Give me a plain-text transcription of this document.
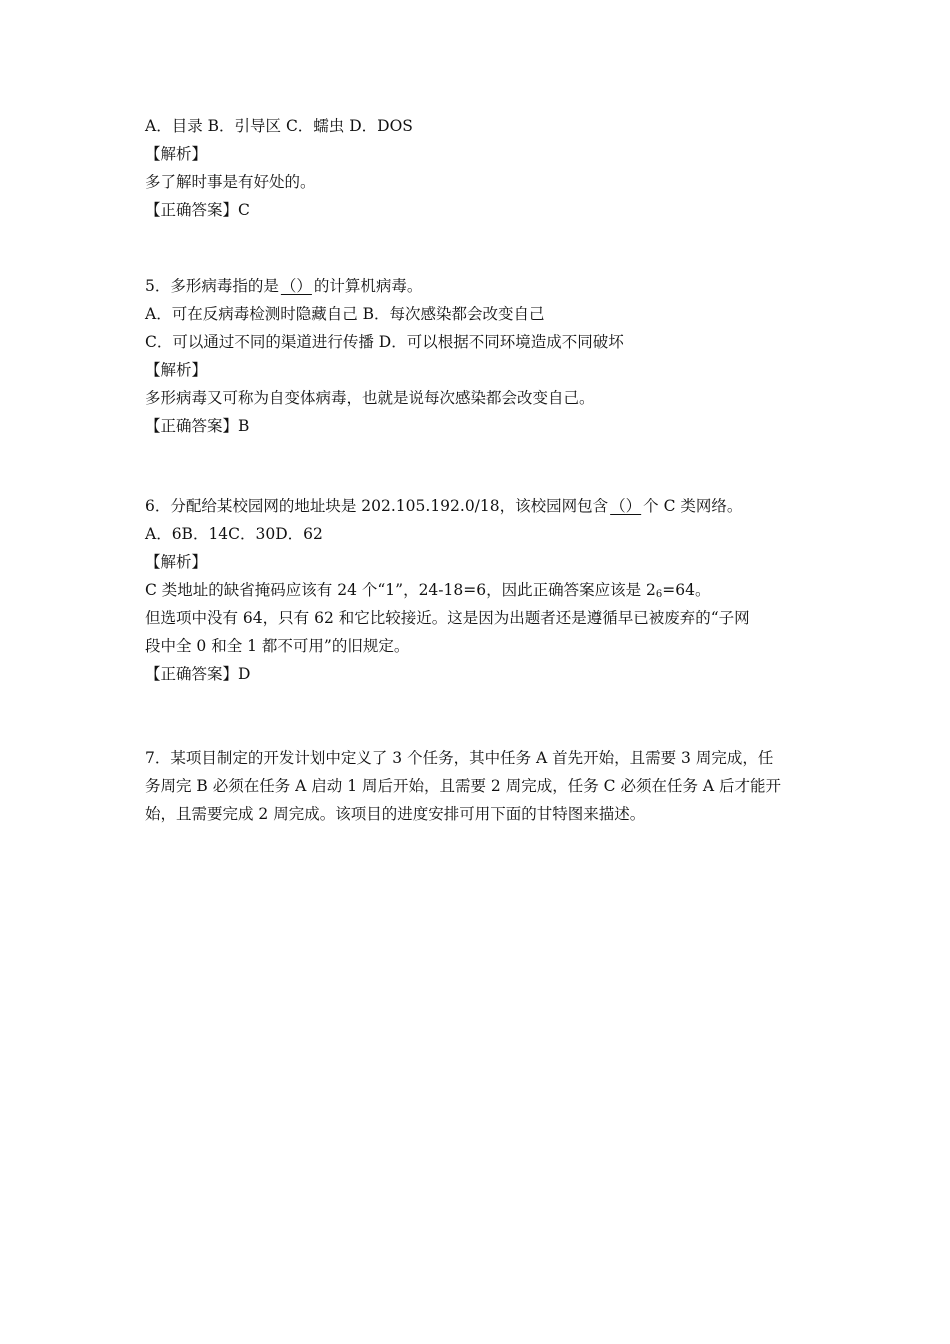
A．目录 B．引导区 C．蠕虫 D．DOS
【解析】
多了解时事是有好处的。
【正确答案】C
5．多形病毒指的是 （） 的计算机病毒。
A．可在反病毒检测时隐藏自己 B．每次感染都会改变自己
C．可以通过不同的渠道进行传播 D．可以根据不同环境造成不同破坏
【解析】
多形病毒又可称为自变体病毒，也就是说每次感染都会改变自己。
【正确答案】B
6．分配给某校园网的地址块是 202.105.192.0/18，该校园网包含 （） 个 C 类网络。
A．6B．14C．30D．62
【解析】
C 类地址的缺省掩码应该有 24 个“1”，24-18=6，因此正确答案应该是 $2^6=64$。
但选项中没有 64，只有 62 和它比较接近。这是因为出题者还是遵循早已被废弃的“子网
段中全 0 和全 1 都不可用”的旧规定。
【正确答案】D
7．某项目制定的开发计划中定义了 3 个任务，其中任务 A 首先开始，且需要 3 周完成，任
务周完 B 必须在任务 A 启动 1 周后开始，且需要 2 周完成，任务 C 必须在任务 A 后才能开
始，且需要完成 2 周完成。该项目的进度安排可用下面的甘特图来描述。
